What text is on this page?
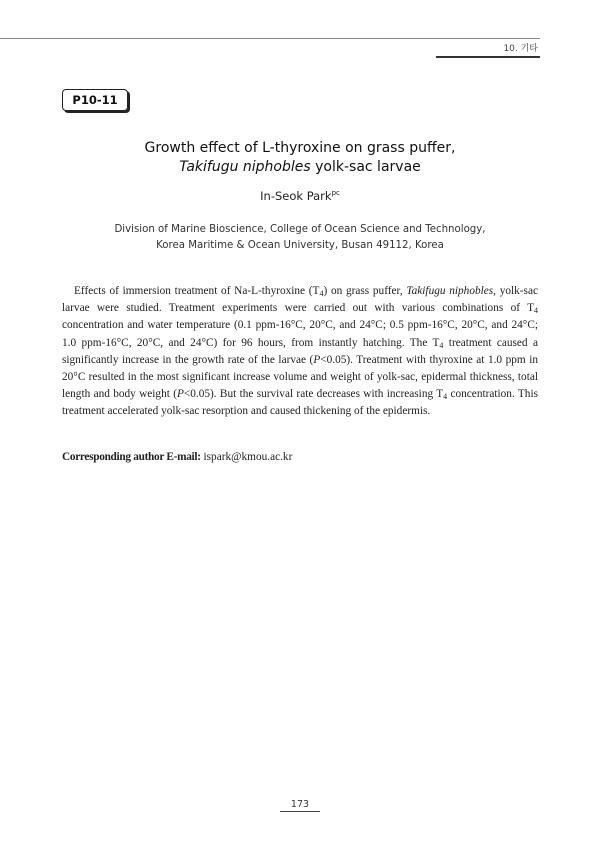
10. 기타
P10-11
Growth effect of L-thyroxine on grass puffer,
Takifugu niphobles yolk-sac larvae
In-Seok Park$^{pc}$
Division of Marine Bioscience, College of Ocean Science and Technology,
Korea Maritime & Ocean University, Busan 49112, Korea

Effects of immersion treatment of Na-L-thyroxine $(T_4)$ on grass puffer, Takifugu niphobles, yolk-sac larvae were studied. Treatment experiments were carried out with various combinations of $T_4$ concentration and water temperature (0.1 ppm-16°C, 20°C, and 24°C; 0.5 ppm-16°C, 20°C, and 24°C; 1.0 ppm-16°C, 20°C, and 24°C) for 96 hours, from instantly hatching. The $T_4$ treatment caused a significantly increase in the growth rate of the larvae (P<0.05). Treatment with thyroxine at 1.0 ppm in 20°C resulted in the most significant increase volume and weight of yolk-sac, epidermal thickness, total length and body weight (P<0.05). But the survival rate decreases with increasing $T_4$ concentration. This treatment accelerated yolk-sac resorption and caused thickening of the epidermis.

Corresponding author E-mail: ispark@kmou.ac.kr
173
